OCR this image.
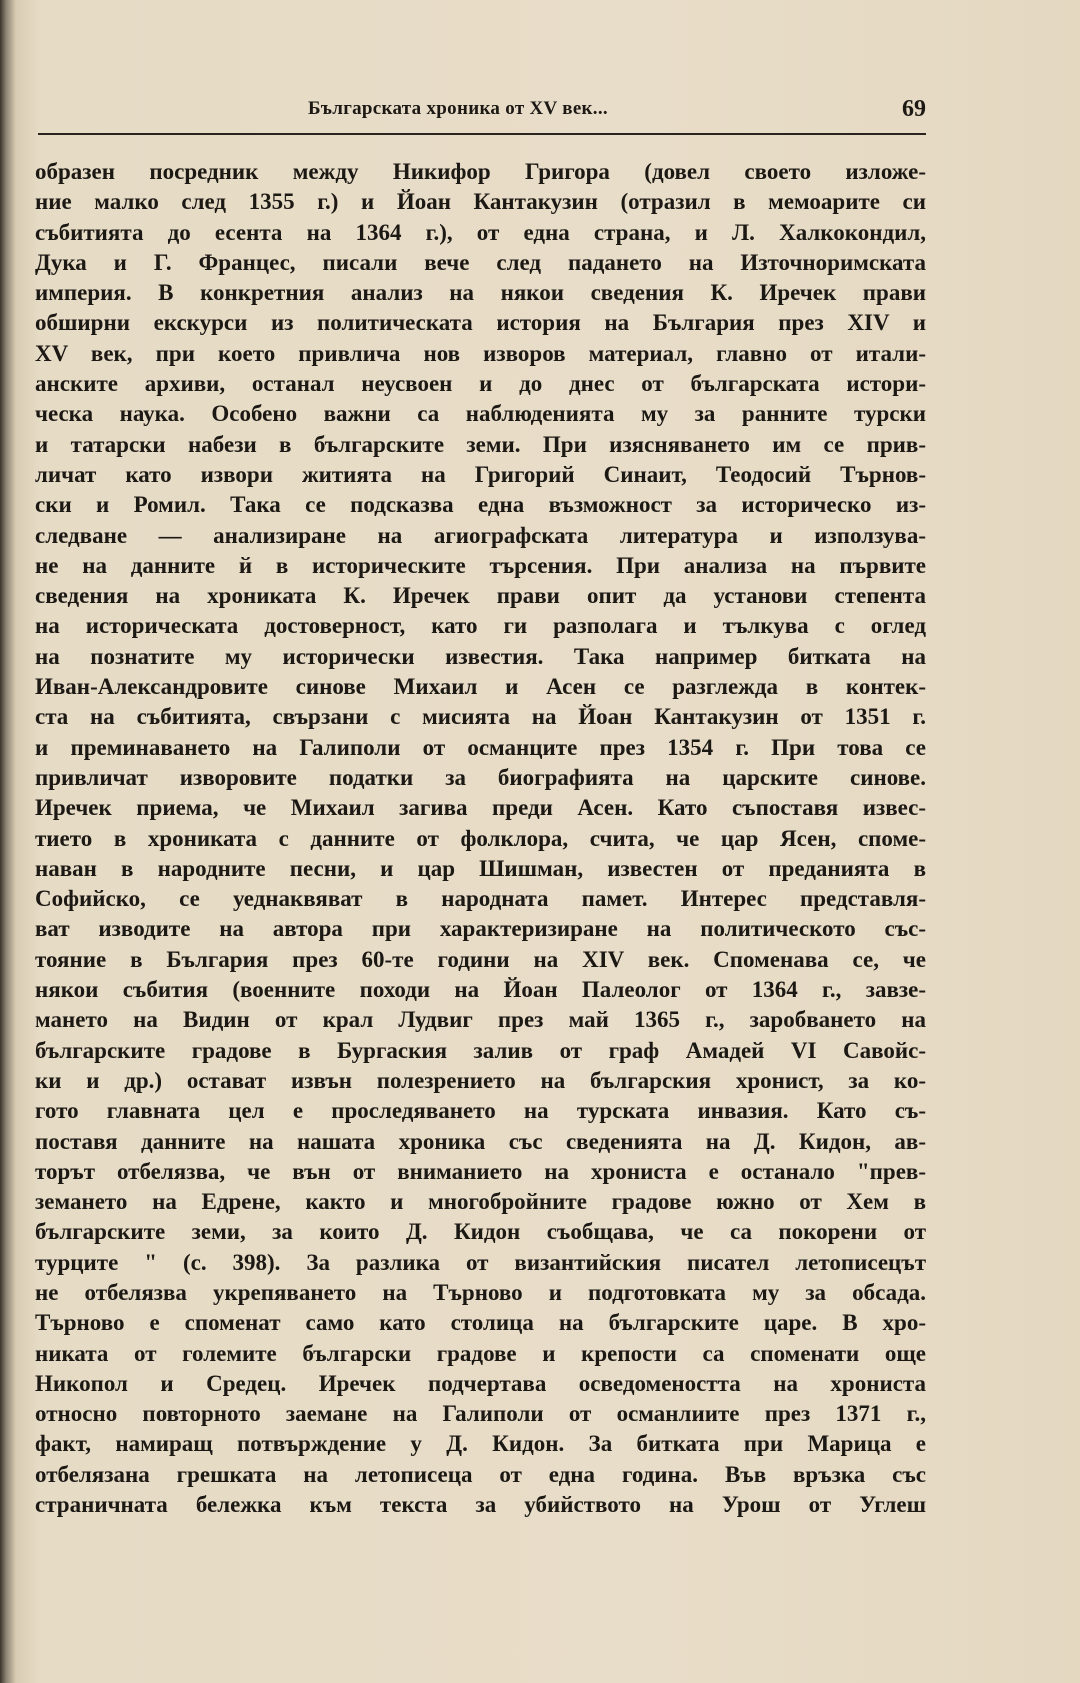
Българската хроника от XV век...	69
образен посредник между Никифор Григора (довел своето изложе-
ние малко след 1355 г.) и Йоан Кантакузин (отразил в мемоарите си
събитията до есента на 1364 г.), от една страна, и Л. Халкокондил,
Дука и Г. Францес, писали вече след падането на Източноримската
империя. В конкретния анализ на някои сведения К. Иречек прави
обширни екскурси из политическата история на България през XIV и
XV век, при което привлича нов изворов материал, главно от итали-
анските архиви, останал неусвоен и до днес от българската истори-
ческа наука. Особено важни са наблюденията му за ранните турски
и татарски набези в българските земи. При изясняването им се прив-
личат като извори житията на Григорий Синаит, Теодосий Търнов-
ски и Ромил. Така се подсказва една възможност за историческо из-
следване — анализиране на агиографската литература и използува-
не на данните й в историческите търсения. При анализа на първите
сведения на хрониката К. Иречек прави опит да установи степента
на историческата достоверност, като ги разполага и тълкува с оглед
на познатите му исторически известия. Така например битката на
Иван-Александровите синове Михаил и Асен се разглежда в контек-
ста на събитията, свързани с мисията на Йоан Кантакузин от 1351 г.
и преминаването на Галиполи от османците през 1354 г. При това се
привличат изворовите податки за биографията на царските синове.
Иречек приема, че Михаил загива преди Асен. Като съпоставя извес-
тието в хрониката с данните от фолклора, счита, че цар Ясен, споме-
наван в народните песни, и цар Шишман, известен от преданията в
Софийско, се уеднаквяват в народната памет. Интерес представля-
ват изводите на автора при характеризиране на политическото със-
тояние в България през 60-те години на XIV век. Споменава се, че
някои събития (военните походи на Йоан Палеолог от 1364 г., завзе-
мането на Видин от крал Лудвиг през май 1365 г., заробването на
българските градове в Бургаския залив от граф Амадей VI Савойс-
ки и др.) остават извън полезрението на българския хронист, за ко-
гото главната цел е проследяването на турската инвазия. Като съ-
поставя данните на нашата хроника със сведенията на Д. Кидон, ав-
торът отбелязва, че вън от вниманието на хрониста е останало "прев-
земането на Едрене, както и многобройните градове южно от Хем в
българските земи, за които Д. Кидон съобщава, че са покорени от
турците " (с. 398). За разлика от византийския писател летописецът
не отбелязва укрепяването на Търново и подготовката му за обсада.
Търново е споменат само като столица на българските царе. В хро-
никата от големите български градове и крепости са споменати още
Никопол и Средец. Иречек подчертава осведомеността на хрониста
относно повторното заемане на Галиполи от османлиите през 1371 г.,
факт, намиращ потвърждение у Д. Кидон. За битката при Марица е
отбелязана грешката на летописеца от една година. Във връзка със
страничната бележка към текста за убийството на Урош от Углеш
